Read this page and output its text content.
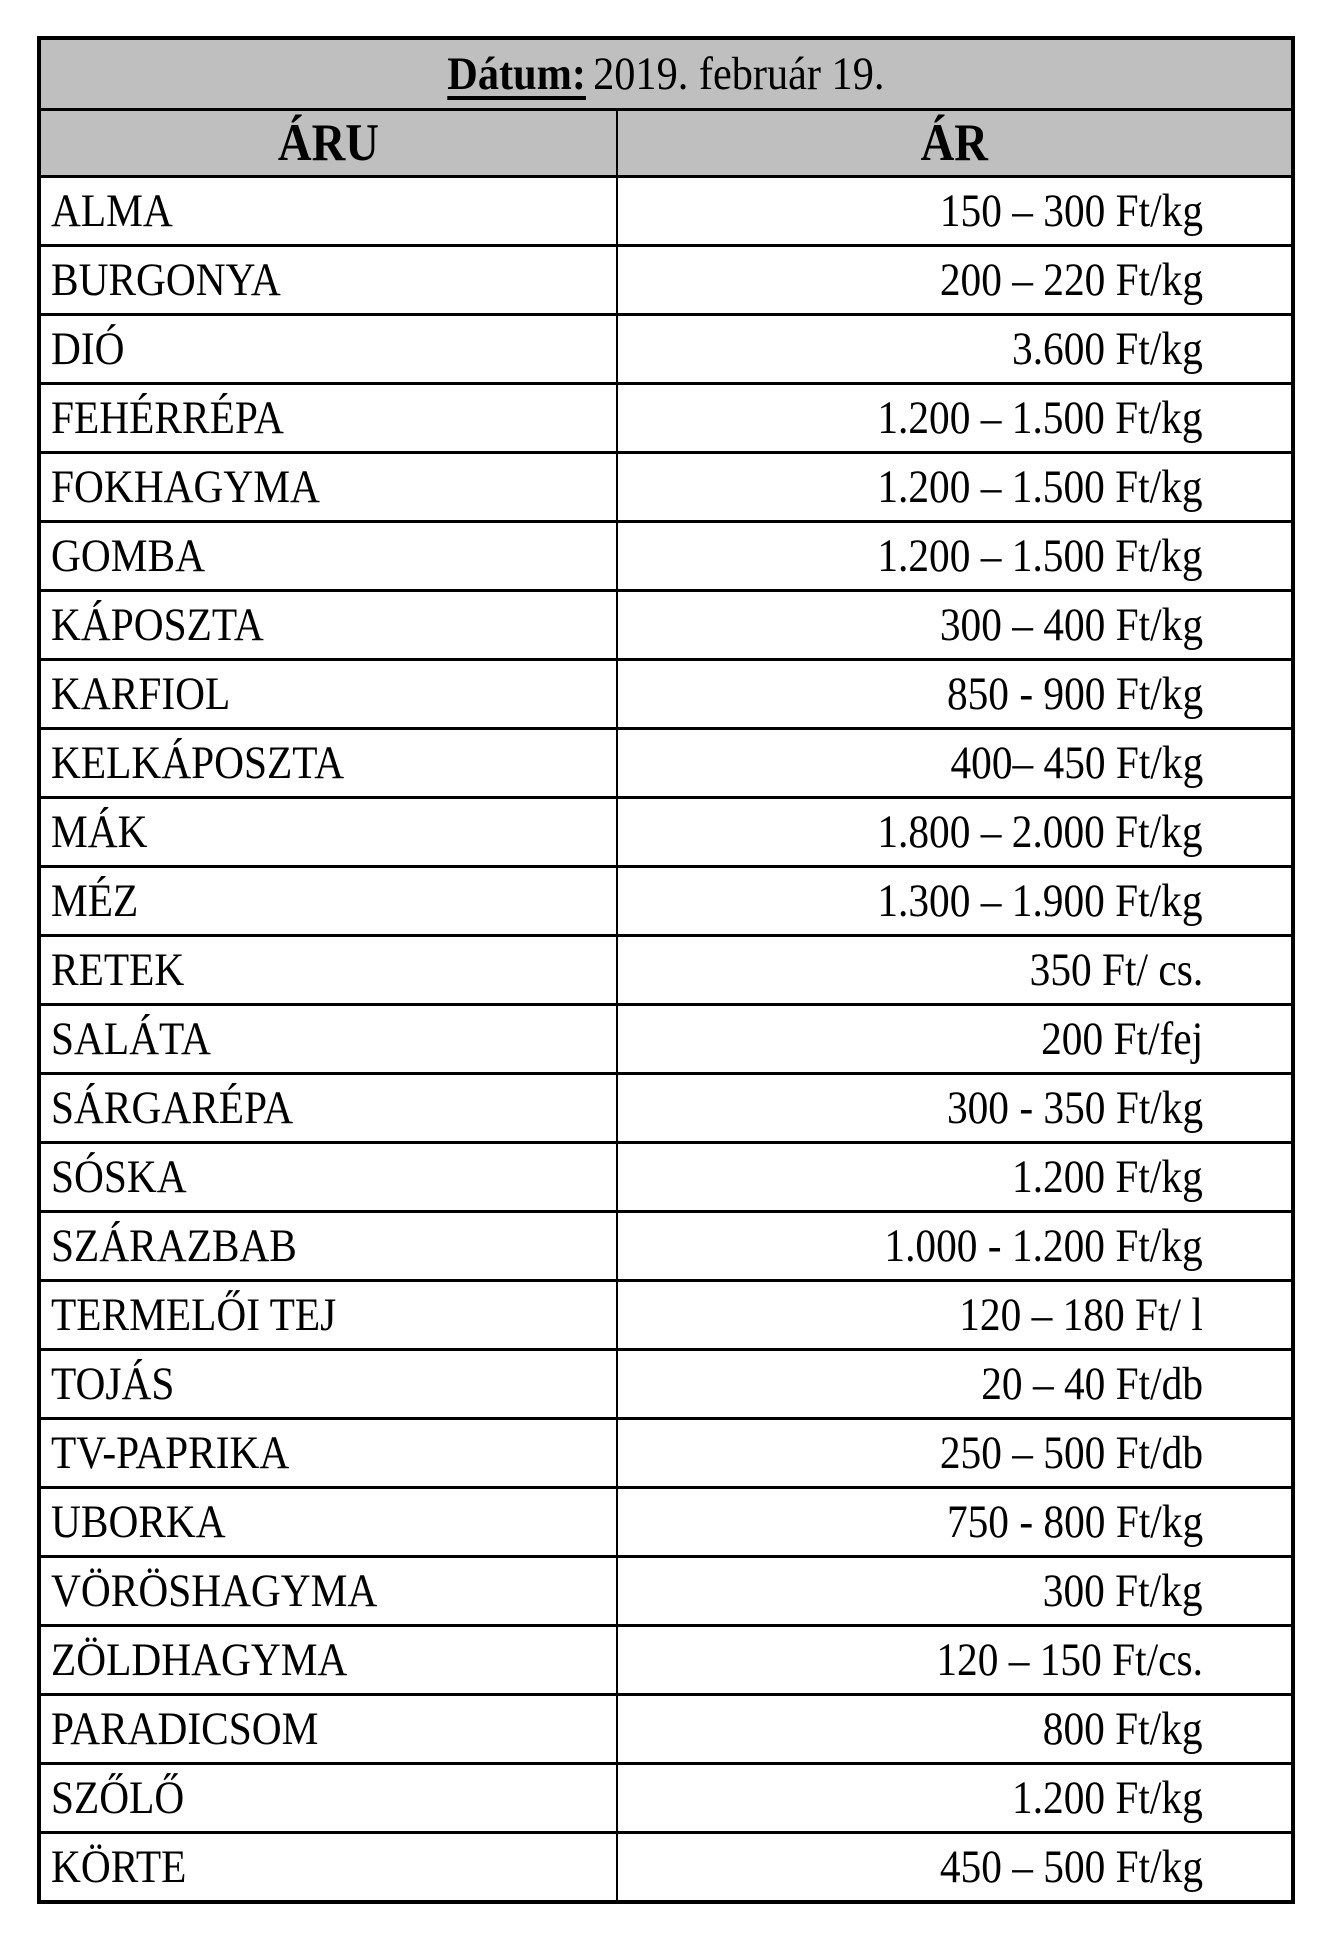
Dátum: 2019. február 19.	
ÁRU	ÁR
ALMA	150 – 300 Ft/kg
BURGONYA	200 – 220 Ft/kg
DIÓ	3.600 Ft/kg
FEHÉRRÉPA	1.200 – 1.500 Ft/kg
FOKHAGYMA	1.200 – 1.500 Ft/kg
GOMBA	1.200 – 1.500 Ft/kg
KÁPOSZTA	300 – 400 Ft/kg
KARFIOL	850 - 900 Ft/kg
KELKÁPOSZTA	400– 450 Ft/kg
MÁK	1.800 – 2.000 Ft/kg
MÉZ	1.300 – 1.900 Ft/kg
RETEK	350 Ft/ cs.
SALÁTA	200 Ft/fej
SÁRGARÉPA	300 - 350 Ft/kg
SÓSKA	1.200 Ft/kg
SZÁRAZBAB	1.000 - 1.200 Ft/kg
TERMELŐI TEJ	120 – 180 Ft/ l
TOJÁS	20 – 40 Ft/db
TV-PAPRIKA	250 – 500 Ft/db
UBORKA	750 - 800 Ft/kg
VÖRÖSHAGYMA	300 Ft/kg
ZÖLDHAGYMA	120 – 150 Ft/cs.
PARADICSOM	800 Ft/kg
SZŐLŐ	1.200 Ft/kg
KÖRTE	450 – 500 Ft/kg
